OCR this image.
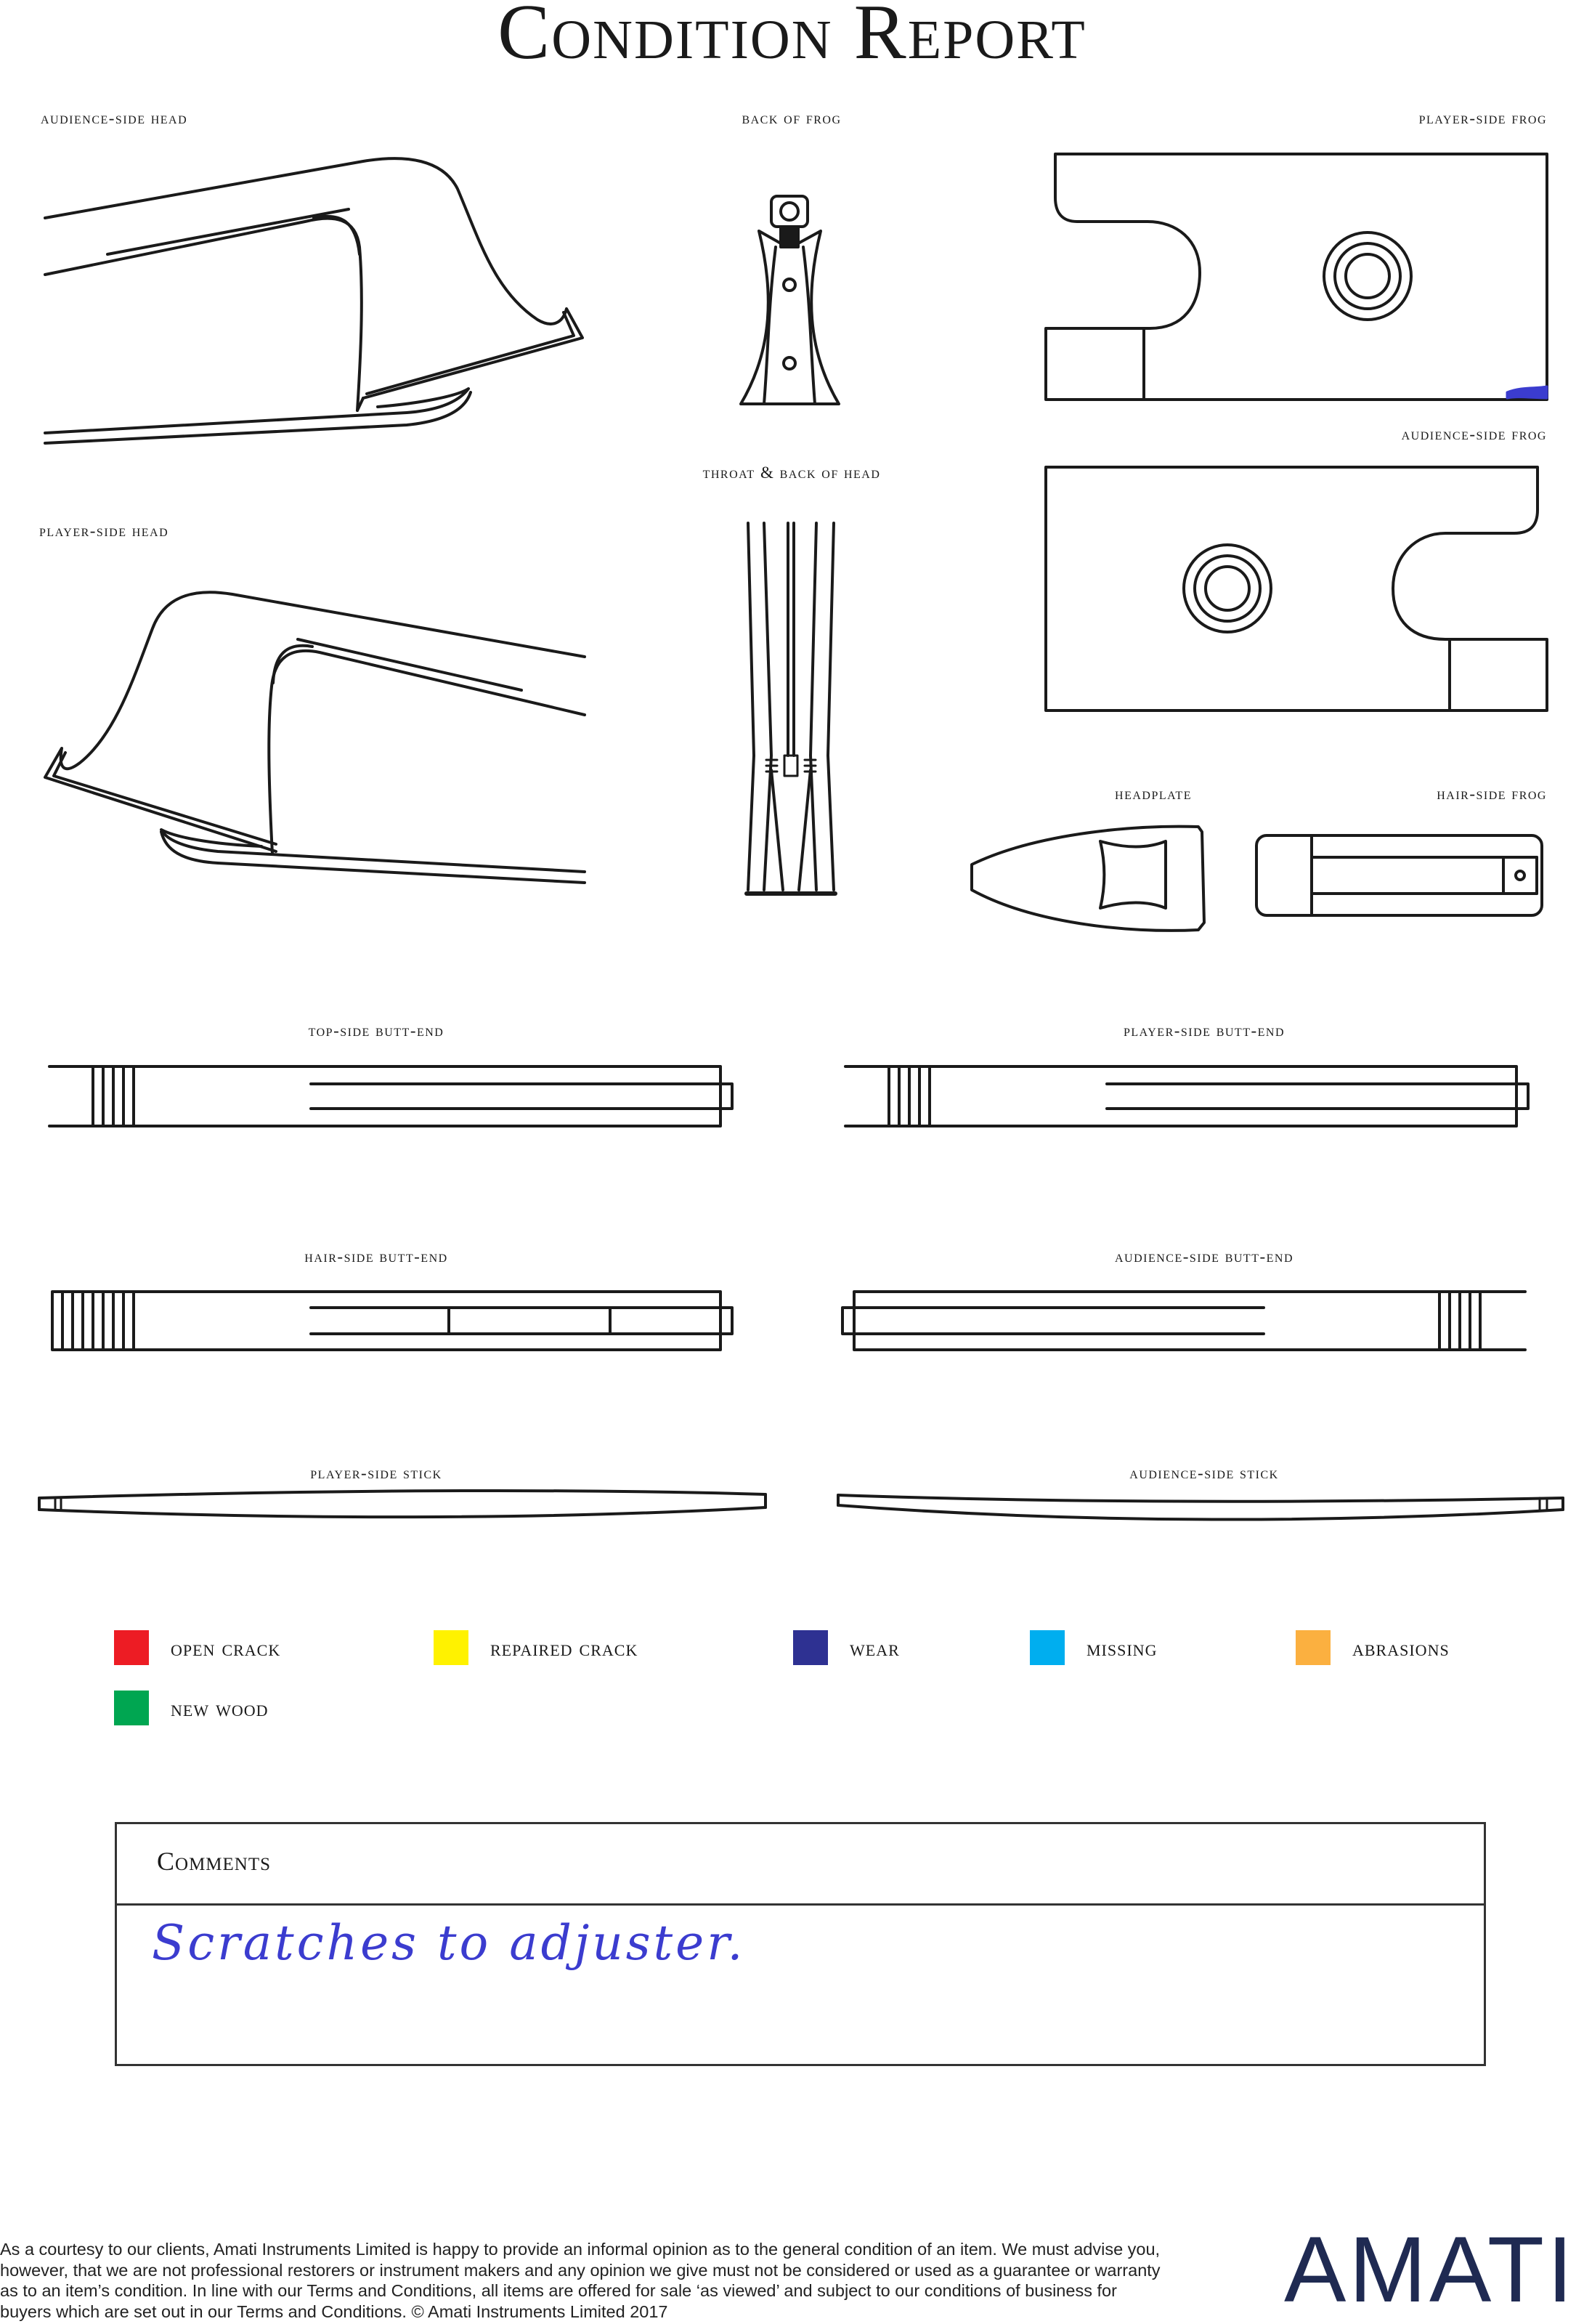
Condition Report
audience-side head	back of frog	player-side frog
audience-side frog
throat & back of head
player-side head
headplate	hair-side frog
top-side butt-end	player-side butt-end
hair-side butt-end	audience-side butt-end
player-side stick	audience-side stick
open crack	repaired crack	wear	missing	abrasions
new wood
Comments
Scratches to adjuster.
As a courtesy to our clients, Amati Instruments Limited is happy to provide an informal opinion as to the general condition of an item. We must advise you, however, that we are not professional restorers or instrument makers and any opinion we give must not be considered or used as a guarantee or warranty as to an item’s condition. In line with our Terms and Conditions, all items are offered for sale ‘as viewed’ and subject to our conditions of business for buyers which are set out in our Terms and Conditions. © Amati Instruments Limited 2017	AMATI
